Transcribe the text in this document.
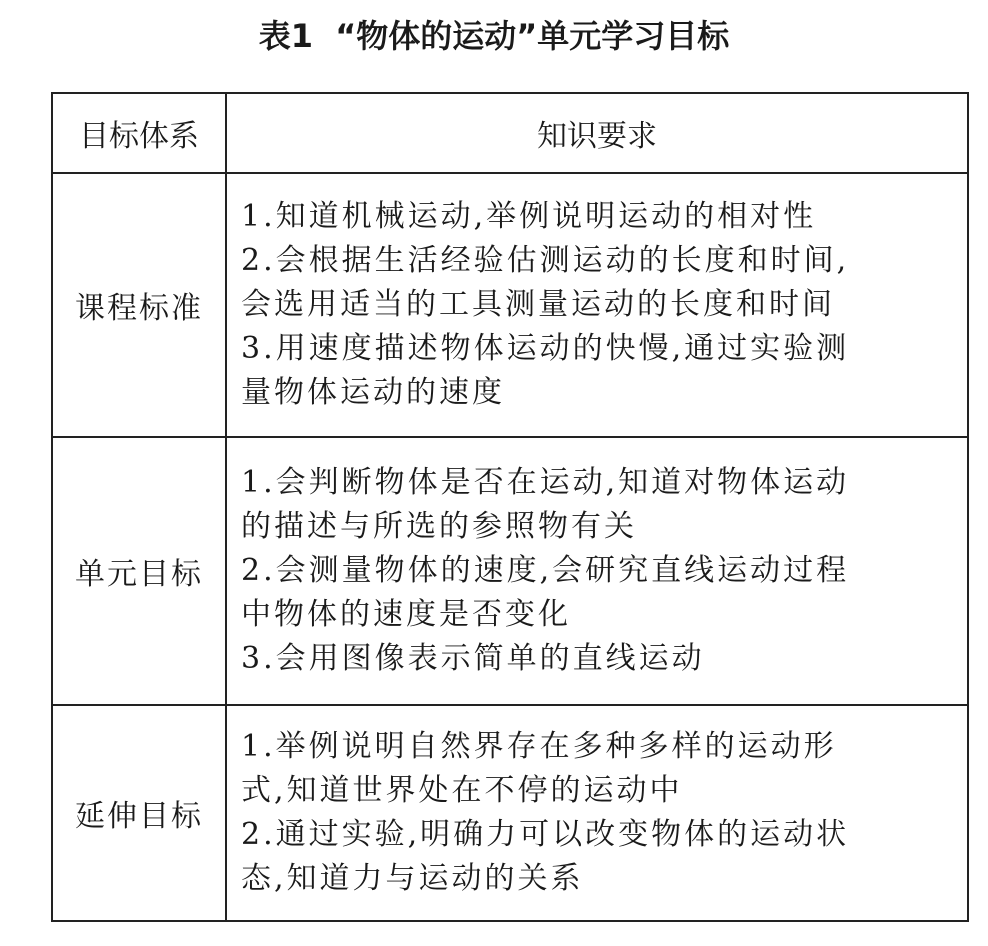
表1  “物体的运动”单元学习目标
目标体系	知识要求
课程标准	1.知道机械运动,举例说明运动的相对性
2.会根据生活经验估测运动的长度和时间,
会选用适当的工具测量运动的长度和时间
3.用速度描述物体运动的快慢,通过实验测
量物体运动的速度

单元目标	1.会判断物体是否在运动,知道对物体运动
的描述与所选的参照物有关
2.会测量物体的速度,会研究直线运动过程
中物体的速度是否变化
3.会用图像表示简单的直线运动

延伸目标	1.举例说明自然界存在多种多样的运动形
式,知道世界处在不停的运动中
2.通过实验,明确力可以改变物体的运动状
态,知道力与运动的关系
